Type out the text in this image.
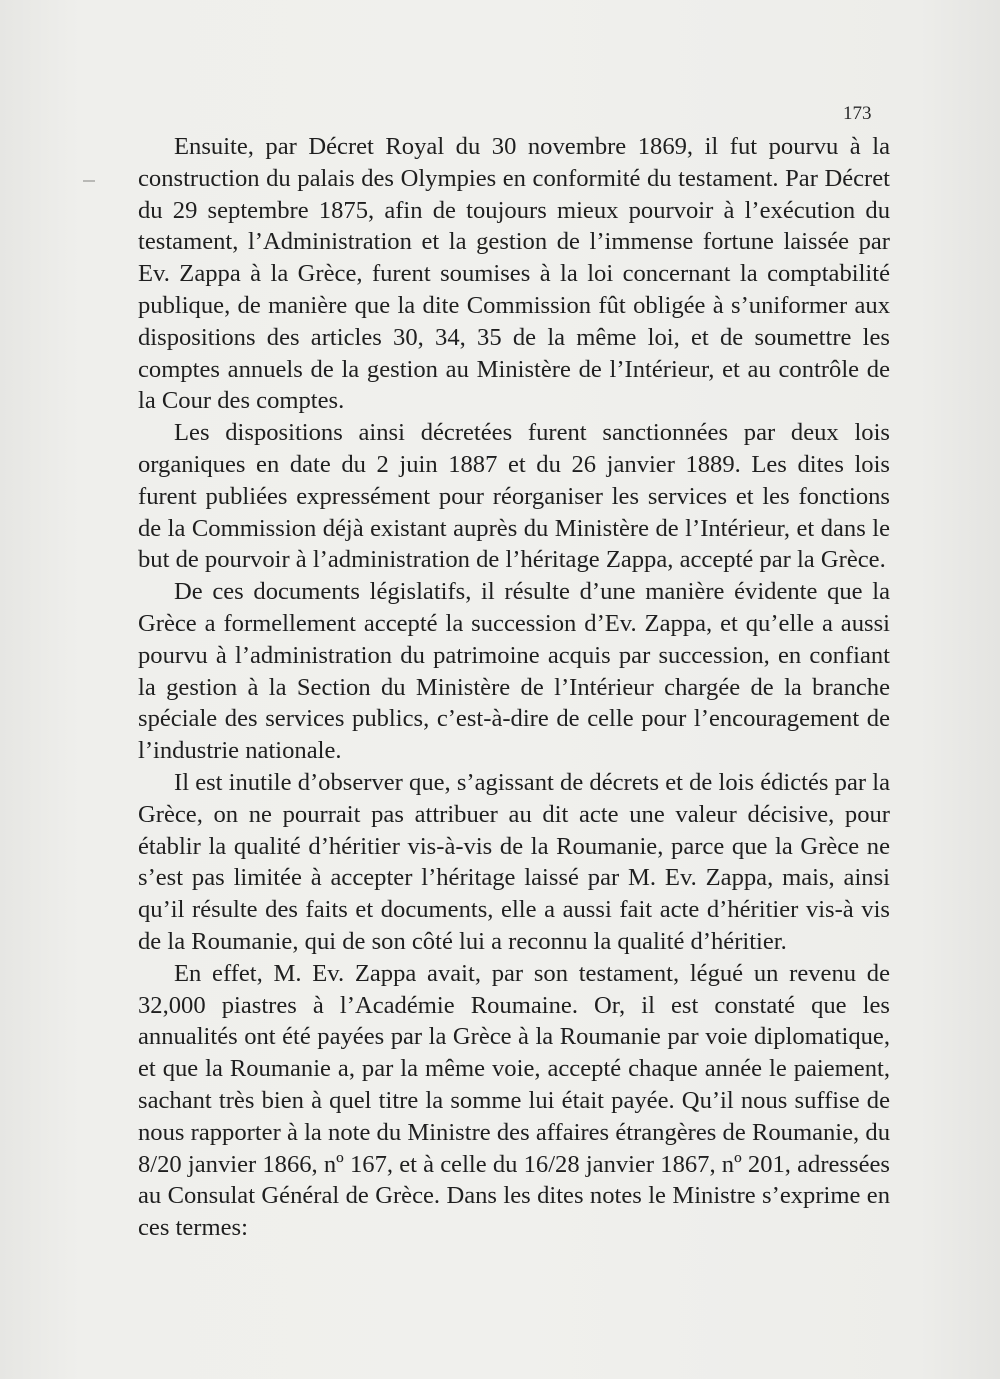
173

Ensuite, par Décret Royal du 30 novembre 1869, il fut pourvu à la construction du palais des Olympies en conformité du testament. Par Décret du 29 septembre 1875, afin de toujours mieux pourvoir à l’exécution du testament, l’Administration et la gestion de l’immense fortune laissée par Ev. Zappa à la Grèce, furent soumises à la loi concernant la comptabilité publique, de manière que la dite Commission fût obligée à s’uniformer aux dispositions des articles 30, 34, 35 de la même loi, et de soumettre les comptes annuels de la gestion au Ministère de l’Intérieur, et au contrôle de la Cour des comptes.

Les dispositions ainsi décretées furent sanctionnées par deux lois organiques en date du 2 juin 1887 et du 26 janvier 1889. Les dites lois furent publiées expressément pour réorganiser les services et les fonctions de la Commission déjà existant auprès du Ministère de l’Intérieur, et dans le but de pourvoir à l’administration de l’héritage Zappa, accepté par la Grèce.

De ces documents législatifs, il résulte d’une manière évidente que la Grèce a formellement accepté la succession d’Ev. Zappa, et qu’elle a aussi pourvu à l’administration du patrimoine acquis par succession, en confiant la gestion à la Section du Ministère de l’Intérieur chargée de la branche spéciale des services publics, c’est-à-dire de celle pour l’encouragement de l’industrie nationale.

Il est inutile d’observer que, s’agissant de décrets et de lois édictés par la Grèce, on ne pourrait pas attribuer au dit acte une valeur décisive, pour établir la qualité d’héritier vis-à-vis de la Roumanie, parce que la Grèce ne s’est pas limitée à accepter l’héritage laissé par M. Ev. Zappa, mais, ainsi qu’il résulte des faits et documents, elle a aussi fait acte d’héritier vis-à vis de la Roumanie, qui de son côté lui a reconnu la qualité d’héritier.

En effet, M. Ev. Zappa avait, par son testament, légué un revenu de 32,000 piastres à l’Académie Roumaine. Or, il est constaté que les annualités ont été payées par la Grèce à la Roumanie par voie diplomatique, et que la Roumanie a, par la même voie, accepté chaque année le paiement, sachant très bien à quel titre la somme lui était payée. Qu’il nous suffise de nous rapporter à la note du Ministre des affaires étrangères de Roumanie, du 8/20 janvier 1866, nº 167, et à celle du 16/28 janvier 1867, nº 201, adressées au Consulat Général de Grèce. Dans les dites notes le Ministre s’exprime en ces termes:
